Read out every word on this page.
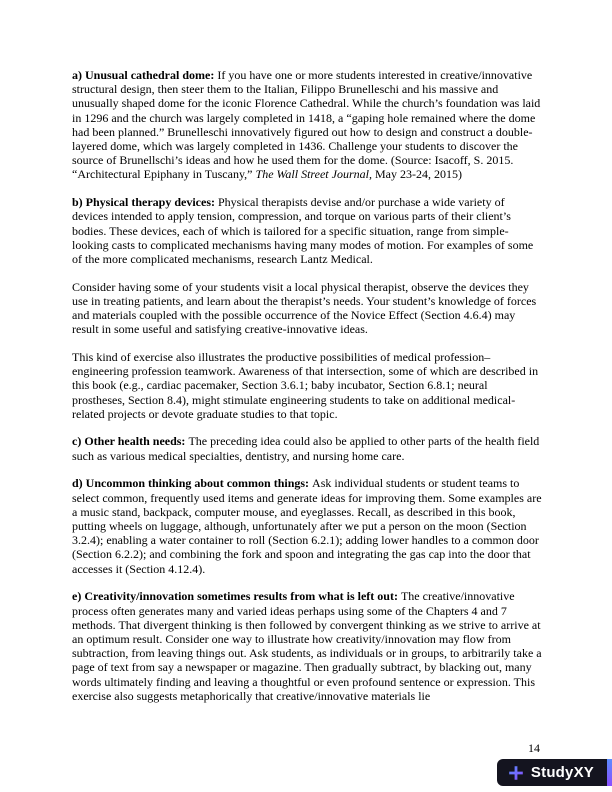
a) Unusual cathedral dome: If you have one or more students interested in creative/innovative structural design, then steer them to the Italian, Filippo Brunelleschi and his massive and unusually shaped dome for the iconic Florence Cathedral. While the church’s foundation was laid in 1296 and the church was largely completed in 1418, a “gaping hole remained where the dome had been planned.” Brunelleschi innovatively figured out how to design and construct a double-layered dome, which was largely completed in 1436. Challenge your students to discover the source of Brunellschi’s ideas and how he used them for the dome. (Source: Isacoff, S. 2015. “Architectural Epiphany in Tuscany,” The Wall Street Journal, May 23-24, 2015)

b) Physical therapy devices: Physical therapists devise and/or purchase a wide variety of devices intended to apply tension, compression, and torque on various parts of their client’s bodies. These devices, each of which is tailored for a specific situation, range from simple-looking casts to complicated mechanisms having many modes of motion. For examples of some of the more complicated mechanisms, research Lantz Medical.

Consider having some of your students visit a local physical therapist, observe the devices they use in treating patients, and learn about the therapist’s needs. Your student’s knowledge of forces and materials coupled with the possible occurrence of the Novice Effect (Section 4.6.4) may result in some useful and satisfying creative-innovative ideas.

This kind of exercise also illustrates the productive possibilities of medical profession–engineering profession teamwork. Awareness of that intersection, some of which are described in this book (e.g., cardiac pacemaker, Section 3.6.1; baby incubator, Section 6.8.1; neural prostheses, Section 8.4), might stimulate engineering students to take on additional medical-related projects or devote graduate studies to that topic.

c) Other health needs: The preceding idea could also be applied to other parts of the health field such as various medical specialties, dentistry, and nursing home care.

d) Uncommon thinking about common things: Ask individual students or student teams to select common, frequently used items and generate ideas for improving them. Some examples are a music stand, backpack, computer mouse, and eyeglasses. Recall, as described in this book, putting wheels on luggage, although, unfortunately after we put a person on the moon (Section 3.2.4); enabling a water container to roll (Section 6.2.1); adding lower handles to a common door (Section 6.2.2); and combining the fork and spoon and integrating the gas cap into the door that accesses it (Section 4.12.4).

e) Creativity/innovation sometimes results from what is left out: The creative/innovative process often generates many and varied ideas perhaps using some of the Chapters 4 and 7 methods. That divergent thinking is then followed by convergent thinking as we strive to arrive at an optimum result. Consider one way to illustrate how creativity/innovation may flow from subtraction, from leaving things out. Ask students, as individuals or in groups, to arbitrarily take a page of text from say a newspaper or magazine. Then gradually subtract, by blacking out, many words ultimately finding and leaving a thoughtful or even profound sentence or expression. This exercise also suggests metaphorically that creative/innovative materials lie

14
StudyXY
